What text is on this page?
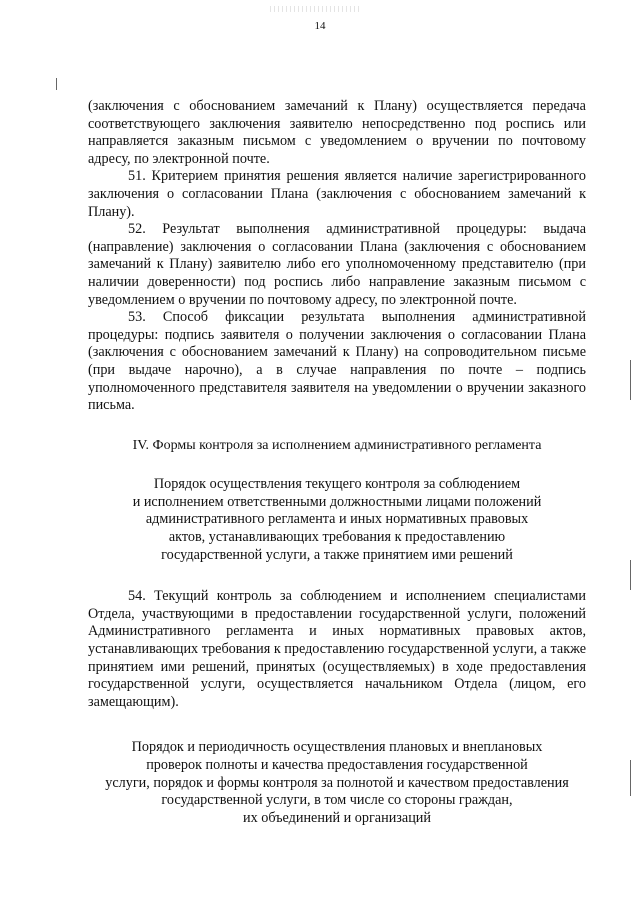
14

(заключения с обоснованием замечаний к Плану) осуществляется передача соответствующего заключения заявителю непосредственно под роспись или направляется заказным письмом с уведомлением о вручении по почтовому адресу, по электронной почте.

51. Критерием принятия решения является наличие зарегистрированного заключения о согласовании Плана (заключения с обоснованием замечаний к Плану).

52. Результат выполнения административной процедуры: выдача (направление) заключения о согласовании Плана (заключения с обоснованием замечаний к Плану) заявителю либо его уполномоченному представителю (при наличии доверенности) под роспись либо направление заказным письмом с уведомлением о вручении по почтовому адресу, по электронной почте.

53. Способ фиксации результата выполнения административной процедуры: подпись заявителя о получении заключения о согласовании Плана (заключения с обоснованием замечаний к Плану) на сопроводительном письме (при выдаче нарочно), а в случае направления по почте – подпись уполномоченного представителя заявителя на уведомлении о вручении заказного письма.

IV. Формы контроля за исполнением административного регламента
Порядок осуществления текущего контроля за соблюдением
и исполнением ответственными должностными лицами положений
административного регламента и иных нормативных правовых
актов, устанавливающих требования к предоставлению
государственной услуги, а также принятием ими решений

54. Текущий контроль за соблюдением и исполнением специалистами Отдела, участвующими в предоставлении государственной услуги, положений Административного регламента и иных нормативных правовых актов, устанавливающих требования к предоставлению государственной услуги, а также принятием ими решений, принятых (осуществляемых) в ходе предоставления государственной услуги, осуществляется начальником Отдела (лицом, его замещающим).

Порядок и периодичность осуществления плановых и внеплановых
проверок полноты и качества предоставления государственной
услуги, порядок и формы контроля за полнотой и качеством предоставления
государственной услуги, в том числе со стороны граждан,
их объединений и организаций
